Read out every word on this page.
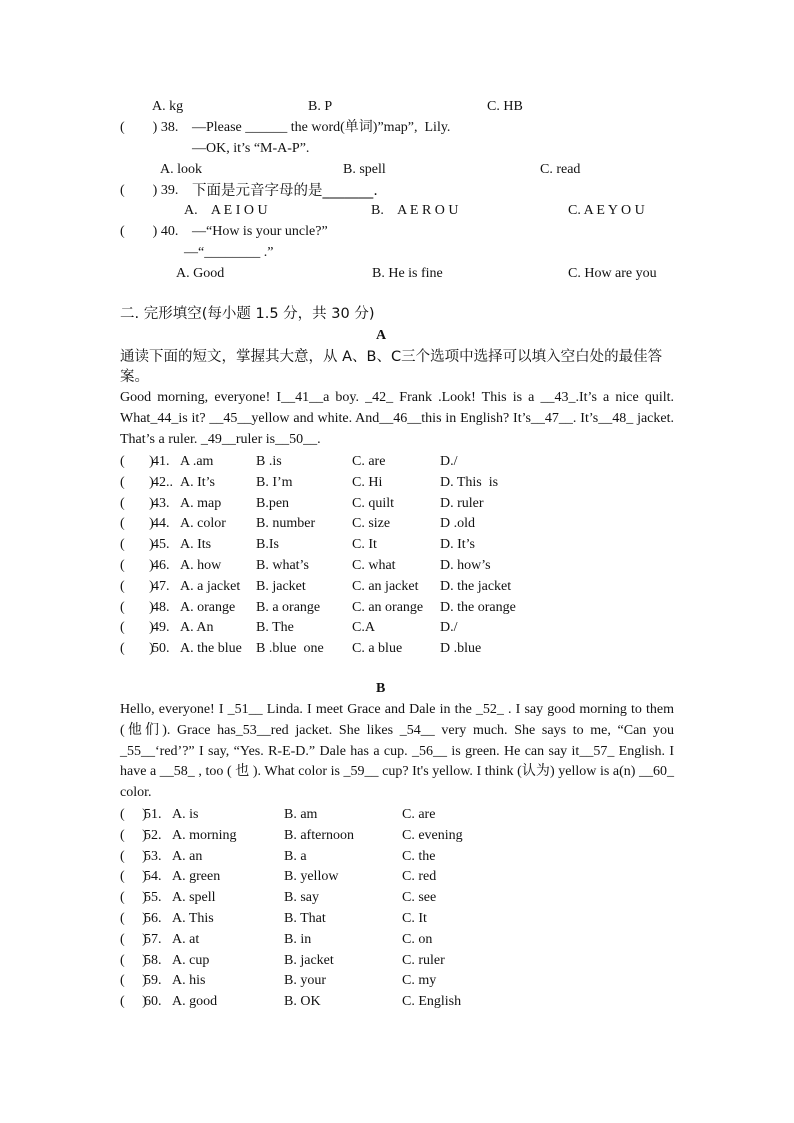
A. kg	B. P	C. HB
(        ) 38. —Please ______ the word(单词)”map”,  Lily.
—OK, it’s “M-A-P”.
A. look	B. spell	C. read
(        ) 39. 下面是元音字母的是_______.
A.    A E I O U	B.    A E R O U	C. A E Y O U
(        ) 40. —“How is your uncle?”
—“________ .”
A. Good	B. He is fine	C. How are you
二. 完形填空(每小题 1.5 分，共 30 分)
A
通读下面的短文，掌握其大意，从 A、B、C三个选项中选择可以填入空白处的最佳答案。
Good morning, everyone! I__41__a boy. _42_ Frank .Look! This is a __43_.It’s a nice quilt. What_44_is it? __45__yellow and white. And__46__this in English? It’s__47__. It’s__48_ jacket. That’s a ruler. _49__ruler is__50__.
(       )
41. A .am	B .is	C. are	D./
(       )
42.. A. It’s	B. I’m	C. Hi	D. This  is
(       )
43. A. map B.pen	C. quilt	D. ruler
(       )
44. A. color B. number	C. size	D .old
(       )
45. A. Its	B.Is	C. It	D. It’s
(       )
46. A. how B. what’s	C. what	D. how’s
(       )
47. A. a jacket B. jacket	C. an jacket D. the jacket
(       )
48. A. orange B. a orange C. an orange D. the orange
(       )
49. A. An	B. The	C.A	D./
(       )
50. A. the blue B .blue  one C. a blue	D .blue
B
Hello, everyone! I _51__ Linda. I meet Grace and Dale in the _52_ . I say good morning to them (他们). Grace has_53__red jacket. She likes _54__ very much. She says to me, “Can you _55__‘red’?” I say, “Yes. R-E-D.” Dale has a cup. _56__ is green. He can say it__57_ English. I have a __58_ , too ( 也 ). What color is _59__ cup? It's yellow. I think (认为) yellow is a(n) __60_ color.
(     )
51. A. is	B. am	C. are
(     )
52. A. morning	B. afternoon	C. evening
(     )
53. A. an	B. a	C. the
(     )
54. A. green	B. yellow	C. red
(     )
55. A. spell	B. say	C. see
(     )
56. A. This	B. That	C. It
(     )
57. A. at	B. in	C. on
(     )
58. A. cup	B. jacket	C. ruler
(     )
59. A. his	B. your	C. my
(     )
60. A. good	B. OK	C. English
